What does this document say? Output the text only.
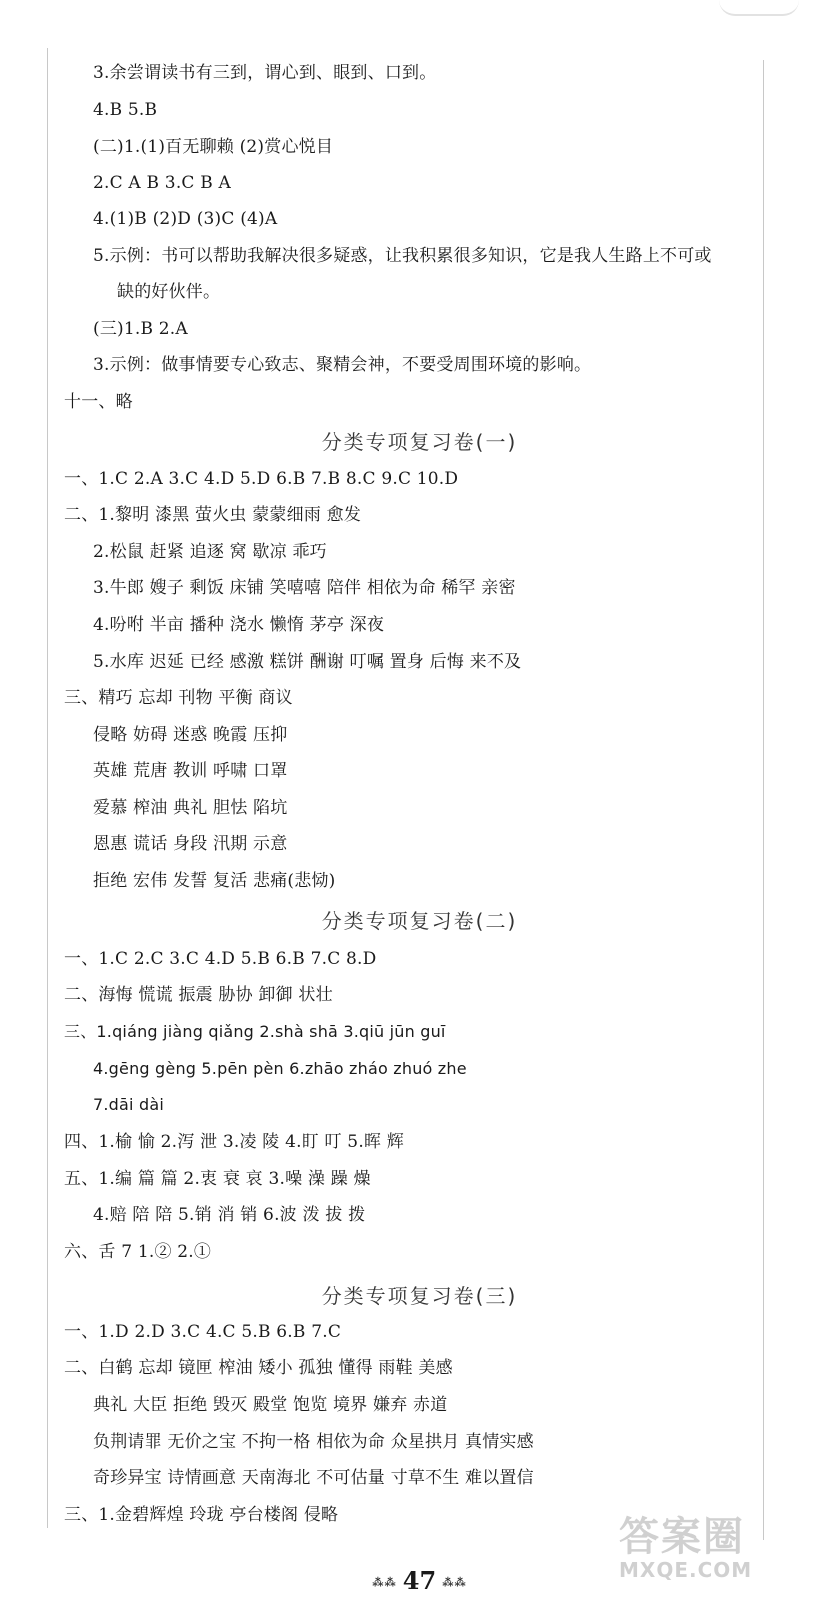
3.余尝谓读书有三到，谓心到、眼到、口到。
4.B 5.B
(二)1.(1)百无聊赖 (2)赏心悦目
2.C A B 3.C B A
4.(1)B (2)D (3)C (4)A
5.示例：书可以帮助我解决很多疑惑，让我积累很多知识，它是我人生路上不可或
缺的好伙伴。
(三)1.B 2.A
3.示例：做事情要专心致志、聚精会神，不要受周围环境的影响。
十一、略
分类专项复习卷(一)
一、1.C 2.A 3.C 4.D 5.D 6.B 7.B 8.C 9.C 10.D
二、1.黎明 漆黑 萤火虫 蒙蒙细雨 愈发
2.松鼠 赶紧 追逐 窝 歇凉 乖巧
3.牛郎 嫂子 剩饭 床铺 笑嘻嘻 陪伴 相依为命 稀罕 亲密
4.吩咐 半亩 播种 浇水 懒惰 茅亭 深夜
5.水库 迟延 已经 感激 糕饼 酬谢 叮嘱 置身 后悔 来不及
三、精巧 忘却 刊物 平衡 商议
侵略 妨碍 迷惑 晚霞 压抑
英雄 荒唐 教训 呼啸 口罩
爱慕 榨油 典礼 胆怯 陷坑
恩惠 谎话 身段 汛期 示意
拒绝 宏伟 发誓 复活 悲痛(悲恸)
分类专项复习卷(二)
一、1.C 2.C 3.C 4.D 5.B 6.B 7.C 8.D
二、海悔 慌谎 振震 胁协 卸御 状壮
三、1.qiáng jiàng qiǎng 2.shà shā 3.qiū jūn guī
4.gēng gèng 5.pēn pèn 6.zhāo zháo zhuó zhe
7.dāi dài
四、1.榆 愉 2.泻 泄 3.凌 陵 4.盯 叮 5.晖 辉
五、1.编 篇 篇 2.衷 衰 哀 3.噪 澡 躁 燥
4.赔 陪 陪 5.销 消 销 6.波 泼 拔 拨
六、舌 7 1.② 2.①
分类专项复习卷(三)
一、1.D 2.D 3.C 4.C 5.B 6.B 7.C
二、白鹤 忘却 镜匣 榨油 矮小 孤独 懂得 雨鞋 美感
典礼 大臣 拒绝 毁灭 殿堂 饱览 境界 嫌弃 赤道
负荆请罪 无价之宝 不拘一格 相依为命 众星拱月 真情实感
奇珍异宝 诗情画意 天南海北 不可估量 寸草不生 难以置信
三、1.金碧辉煌 玲珑 亭台楼阁 侵略
⁂⁂ 47 ⁂⁂
答案圈
MXQE.COM
